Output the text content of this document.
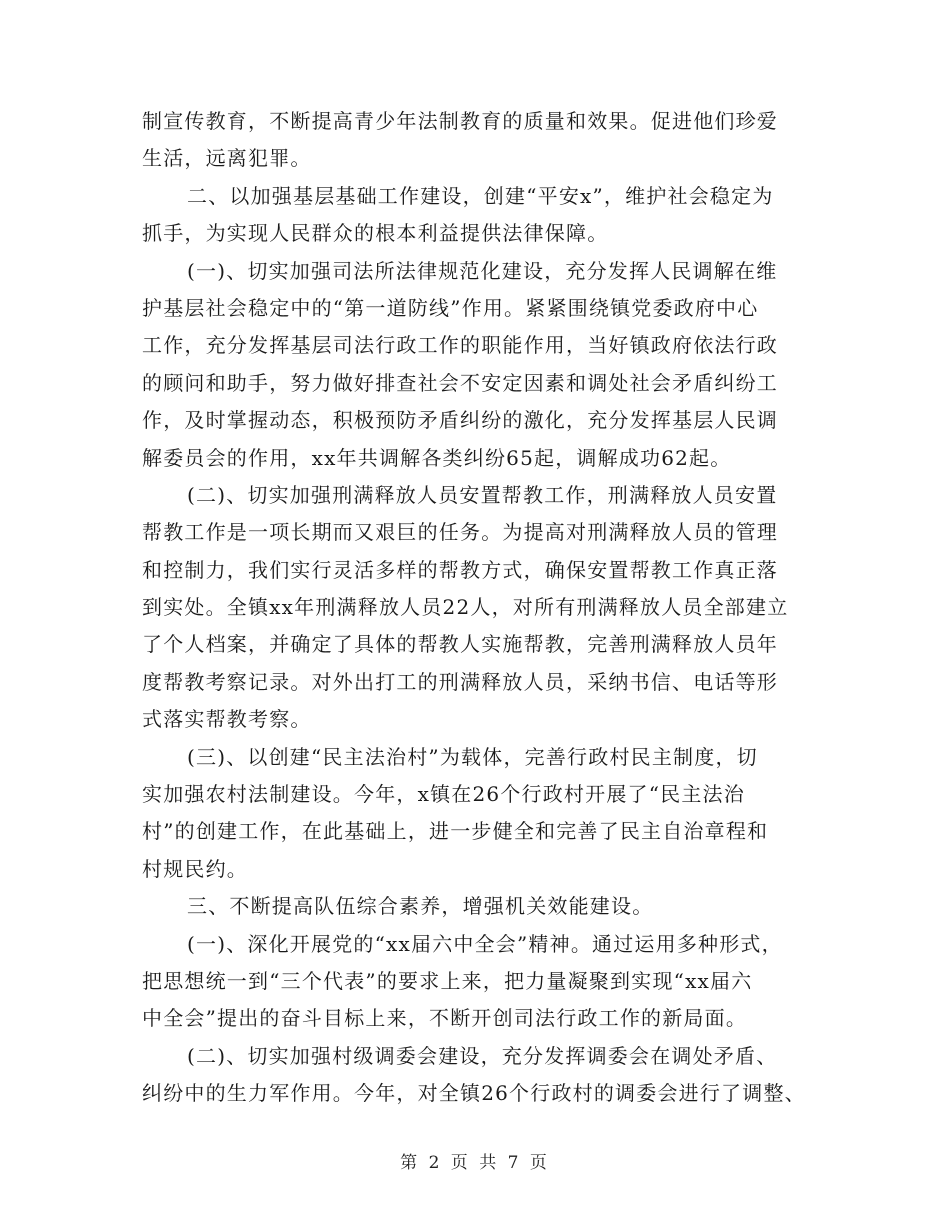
制宣传教育，不断提高青少年法制教育的质量和效果。促进他们珍爱
生活，远离犯罪。
二、以加强基层基础工作建设，创建“平安x”，维护社会稳定为
抓手，为实现人民群众的根本利益提供法律保障。
(一)、切实加强司法所法律规范化建设，充分发挥人民调解在维
护基层社会稳定中的“第一道防线”作用。紧紧围绕镇党委政府中心
工作，充分发挥基层司法行政工作的职能作用，当好镇政府依法行政
的顾问和助手，努力做好排查社会不安定因素和调处社会矛盾纠纷工
作，及时掌握动态，积极预防矛盾纠纷的激化，充分发挥基层人民调
解委员会的作用，xx年共调解各类纠纷65起，调解成功62起。
(二)、切实加强刑满释放人员安置帮教工作，刑满释放人员安置
帮教工作是一项长期而又艰巨的任务。为提高对刑满释放人员的管理
和控制力，我们实行灵活多样的帮教方式，确保安置帮教工作真正落
到实处。全镇xx年刑满释放人员22人，对所有刑满释放人员全部建立
了个人档案，并确定了具体的帮教人实施帮教，完善刑满释放人员年
度帮教考察记录。对外出打工的刑满释放人员，采纳书信、电话等形
式落实帮教考察。
(三)、以创建“民主法治村”为载体，完善行政村民主制度，切
实加强农村法制建设。今年，x镇在26个行政村开展了“民主法治
村”的创建工作，在此基础上，进一步健全和完善了民主自治章程和
村规民约。
三、不断提高队伍综合素养，增强机关效能建设。
(一)、深化开展党的“xx届六中全会”精神。通过运用多种形式，
把思想统一到“三个代表”的要求上来，把力量凝聚到实现“xx届六
中全会”提出的奋斗目标上来，不断开创司法行政工作的新局面。
(二)、切实加强村级调委会建设，充分发挥调委会在调处矛盾、
纠纷中的生力军作用。今年，对全镇26个行政村的调委会进行了调整、
第 2 页 共 7 页
